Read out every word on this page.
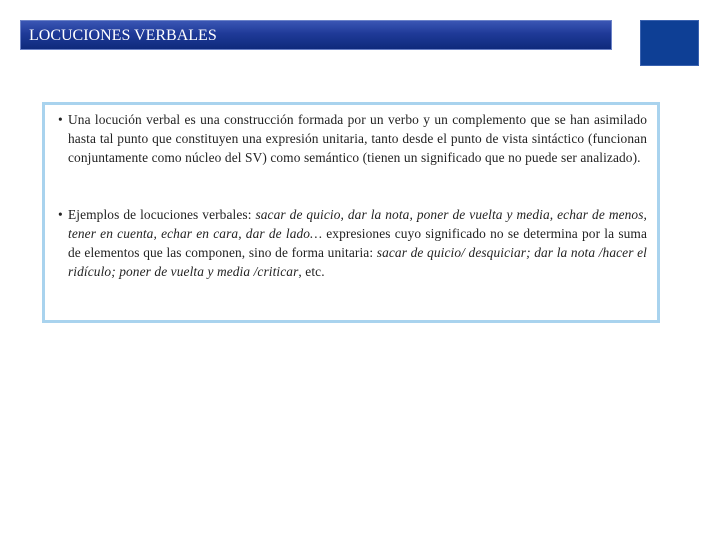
LOCUCIONES VERBALES
• Una locución verbal es una construcción formada por un verbo y un complemento que se han asimilado hasta tal punto que constituyen una expresión unitaria, tanto desde el punto de vista sintáctico (funcionan conjuntamente como núcleo del SV) como semántico (tienen un significado que no puede ser analizado).
• Ejemplos de locuciones verbales: sacar de quicio, dar la nota, poner de vuelta y media, echar de menos, tener en cuenta, echar en cara, dar de lado… expresiones cuyo significado no se determina por la suma de elementos que las componen, sino de forma unitaria: sacar de quicio/ desquiciar; dar la nota /hacer el ridículo; poner de vuelta y media /criticar, etc.
